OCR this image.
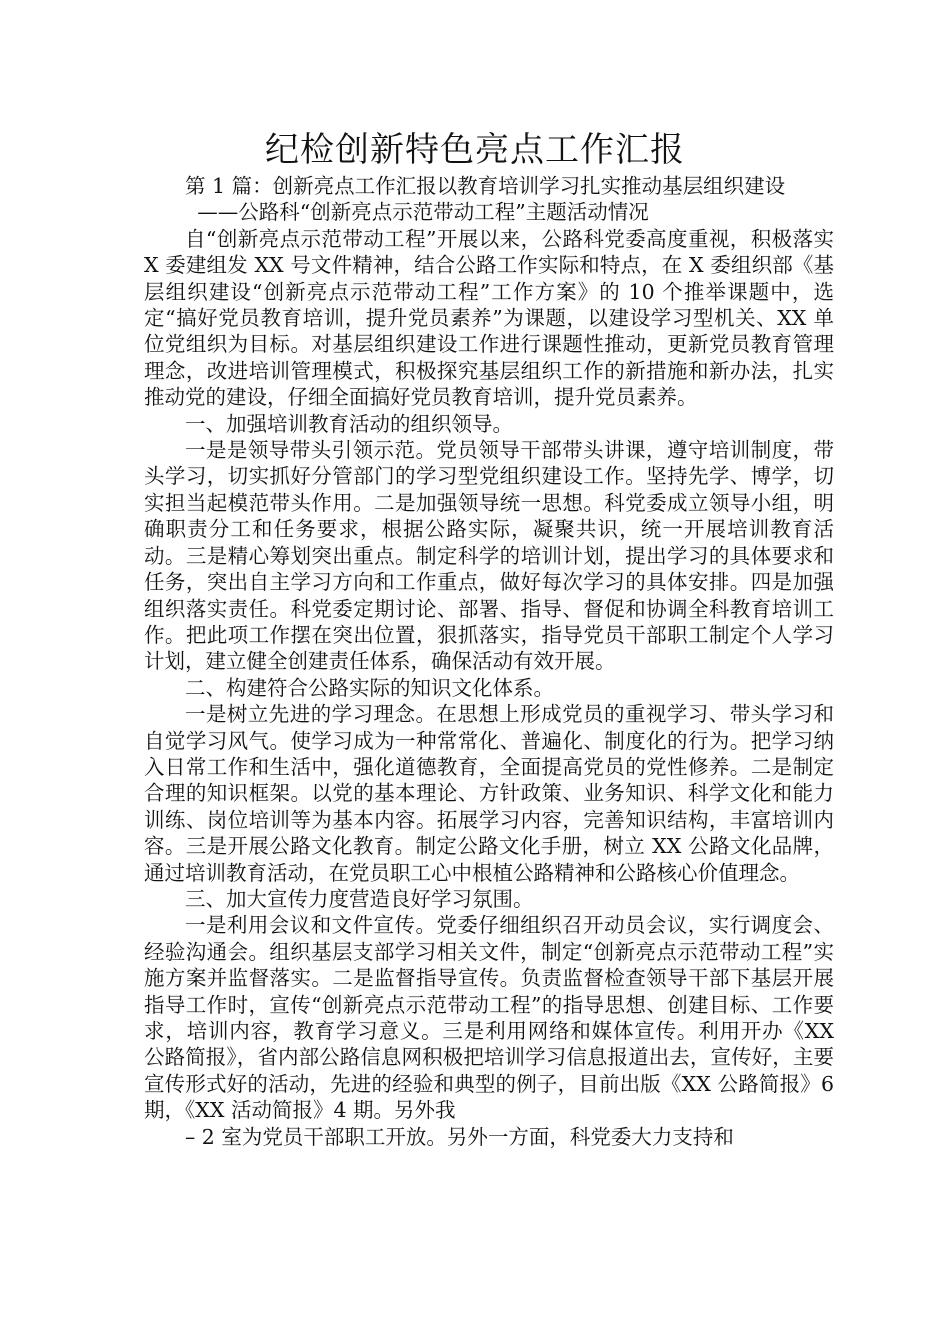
纪检创新特色亮点工作汇报

第 1 篇：创新亮点工作汇报以教育培训学习扎实推动基层组织建设

——公路科“创新亮点示范带动工程”主题活动情况

自“创新亮点示范带动工程”开展以来，公路科党委高度重视，积极落实 X 委建组发 XX 号文件精神，结合公路工作实际和特点，在 X 委组织部《基层组织建设“创新亮点示范带动工程”工作方案》的 10 个推举课题中，选定“搞好党员教育培训，提升党员素养”为课题，以建设学习型机关、XX 单位党组织为目标。对基层组织建设工作进行课题性推动，更新党员教育管理理念，改进培训管理模式，积极探究基层组织工作的新措施和新办法，扎实推动党的建设，仔细全面搞好党员教育培训，提升党员素养。

一、加强培训教育活动的组织领导。

一是是领导带头引领示范。党员领导干部带头讲课，遵守培训制度，带头学习，切实抓好分管部门的学习型党组织建设工作。坚持先学、博学，切实担当起模范带头作用。二是加强领导统一思想。科党委成立领导小组，明确职责分工和任务要求，根据公路实际，凝聚共识，统一开展培训教育活动。三是精心筹划突出重点。制定科学的培训计划，提出学习的具体要求和任务，突出自主学习方向和工作重点，做好每次学习的具体安排。四是加强组织落实责任。科党委定期讨论、部署、指导、督促和协调全科教育培训工作。把此项工作摆在突出位置，狠抓落实，指导党员干部职工制定个人学习计划，建立健全创建责任体系，确保活动有效开展。

二、构建符合公路实际的知识文化体系。

一是树立先进的学习理念。在思想上形成党员的重视学习、带头学习和自觉学习风气。使学习成为一种常常化、普遍化、制度化的行为。把学习纳入日常工作和生活中，强化道德教育，全面提高党员的党性修养。二是制定合理的知识框架。以党的基本理论、方针政策、业务知识、科学文化和能力训练、岗位培训等为基本内容。拓展学习内容，完善知识结构，丰富培训内容。三是开展公路文化教育。制定公路文化手册，树立 XX 公路文化品牌，通过培训教育活动，在党员职工心中根植公路精神和公路核心价值理念。

三、加大宣传力度营造良好学习氛围。

一是利用会议和文件宣传。党委仔细组织召开动员会议，实行调度会、经验沟通会。组织基层支部学习相关文件，制定“创新亮点示范带动工程”实施方案并监督落实。二是监督指导宣传。负责监督检查领导干部下基层开展指导工作时，宣传“创新亮点示范带动工程”的指导思想、创建目标、工作要求，培训内容，教育学习意义。三是利用网络和媒体宣传。利用开办《XX 公路简报》，省内部公路信息网积极把培训学习信息报道出去，宣传好，主要宣传形式好的活动，先进的经验和典型的例子，目前出版《XX 公路简报》6 期，《XX 活动简报》4 期。另外我

– 2 室为党员干部职工开放。另外一方面，科党委大力支持和
